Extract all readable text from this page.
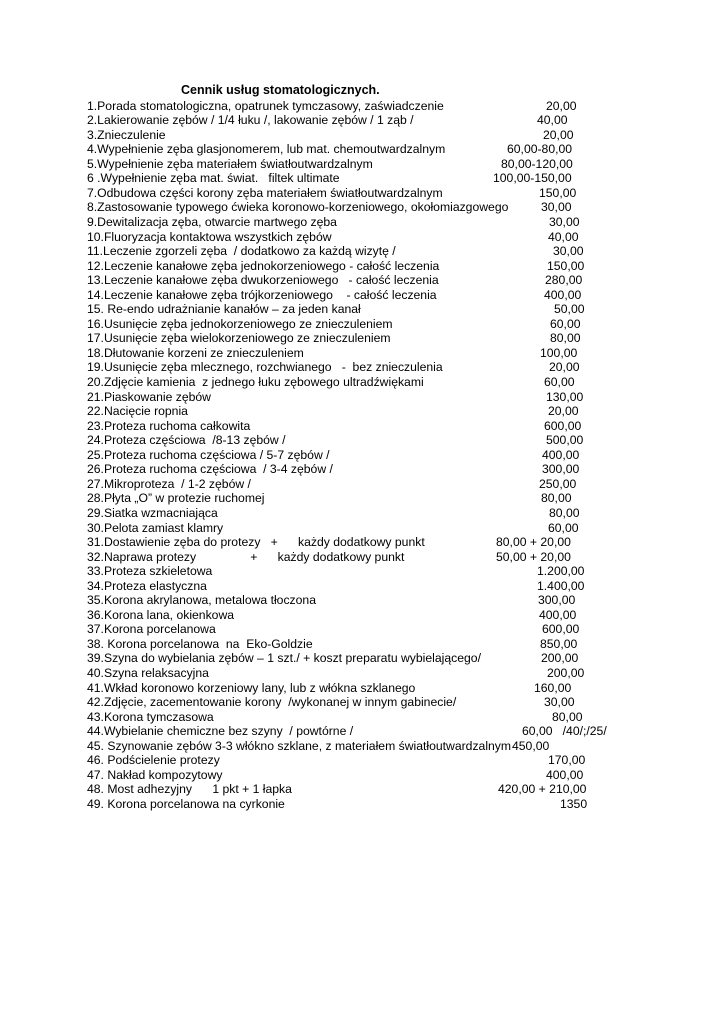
Cennik usług stomatologicznych.
1.Porada stomatologiczna, opatrunek tymczasowy, zaświadczenie	20,00
2.Lakierowanie zębów / 1/4 łuku /, lakowanie zębów / 1 ząb /	40,00
3.Znieczulenie	20,00
4.Wypełnienie zęba glasjonomerem, lub mat. chemoutwardzalnym	60,00-80,00
5.Wypełnienie zęba materiałem światłoutwardzalnym	80,00-120,00
6 .Wypełnienie zęba mat. świat.   filtek ultimate	100,00-150,00
7.Odbudowa części korony zęba materiałem światłoutwardzalnym	150,00
8.Zastosowanie typowego ćwieka koronowo-korzeniowego, okołomiazgowego	30,00
9.Dewitalizacja zęba, otwarcie martwego zęba	30,00
10.Fluoryzacja kontaktowa wszystkich zębów	40,00
11.Leczenie zgorzeli zęba  / dodatkowo za każdą wizytę /	30,00
12.Leczenie kanałowe zęba jednokorzeniowego - całość leczenia	150,00
13.Leczenie kanałowe zęba dwukorzeniowego   - całość leczenia	280,00
14.Leczenie kanałowe zęba trójkorzeniowego    - całość leczenia	400,00
15. Re-endo udrażnianie kanałów – za jeden kanał	50,00
16.Usunięcie zęba jednokorzeniowego ze znieczuleniem	60,00
17.Usunięcie zęba wielokorzeniowego ze znieczuleniem	80,00
18.Dłutowanie korzeni ze znieczuleniem	100,00
19.Usunięcie zęba mlecznego, rozchwianego   -  bez znieczulenia	20,00
20.Zdjęcie kamienia  z jednego łuku zębowego ultradźwiękami	60,00
21.Piaskowanie zębów	130,00
22.Nacięcie ropnia	20,00
23.Proteza ruchoma całkowita	600,00
24.Proteza częściowa  /8-13 zębów /	500,00
25.Proteza ruchoma częściowa / 5-7 zębów /	400,00
26.Proteza ruchoma częściowa  / 3-4 zębów /	300,00
27.Mikroproteza  / 1-2 zębów /	250,00
28.Płyta „O” w protezie ruchomej	80,00
29.Siatka wzmacniająca	80,00
30.Pelota zamiast klamry	60,00
31.Dostawienie zęba do protezy   +      każdy dodatkowy punkt	80,00 + 20,00
32.Naprawa protezy                +      każdy dodatkowy punkt	50,00 + 20,00
33.Proteza szkieletowa	1.200,00
34.Proteza elastyczna	1.400,00
35.Korona akrylanowa, metalowa tłoczona	300,00
36.Korona lana, okienkowa	400,00
37.Korona porcelanowa	600,00
38. Korona porcelanowa  na  Eko-Goldzie	850,00
39.Szyna do wybielania zębów – 1 szt./ + koszt preparatu wybielającego/	200,00
40.Szyna relaksacyjna	200,00
41.Wkład koronowo korzeniowy lany, lub z włókna szklanego	160,00
42.Zdjęcie, zacementowanie korony  /wykonanej w innym gabinecie/	30,00
43.Korona tymczasowa	80,00
44.Wybielanie chemiczne bez szyny  / powtórne /	60,00   /40/;/25/
45. Szynowanie zębów 3-3 włókno szklane, z materiałem światłoutwardzalnym 450,00
46. Podścielenie protezy	170,00
47. Nakład kompozytowy	400,00
48. Most adhezyjny      1 pkt + 1 łapka	420,00 + 210,00
49. Korona porcelanowa na cyrkonie	1350
